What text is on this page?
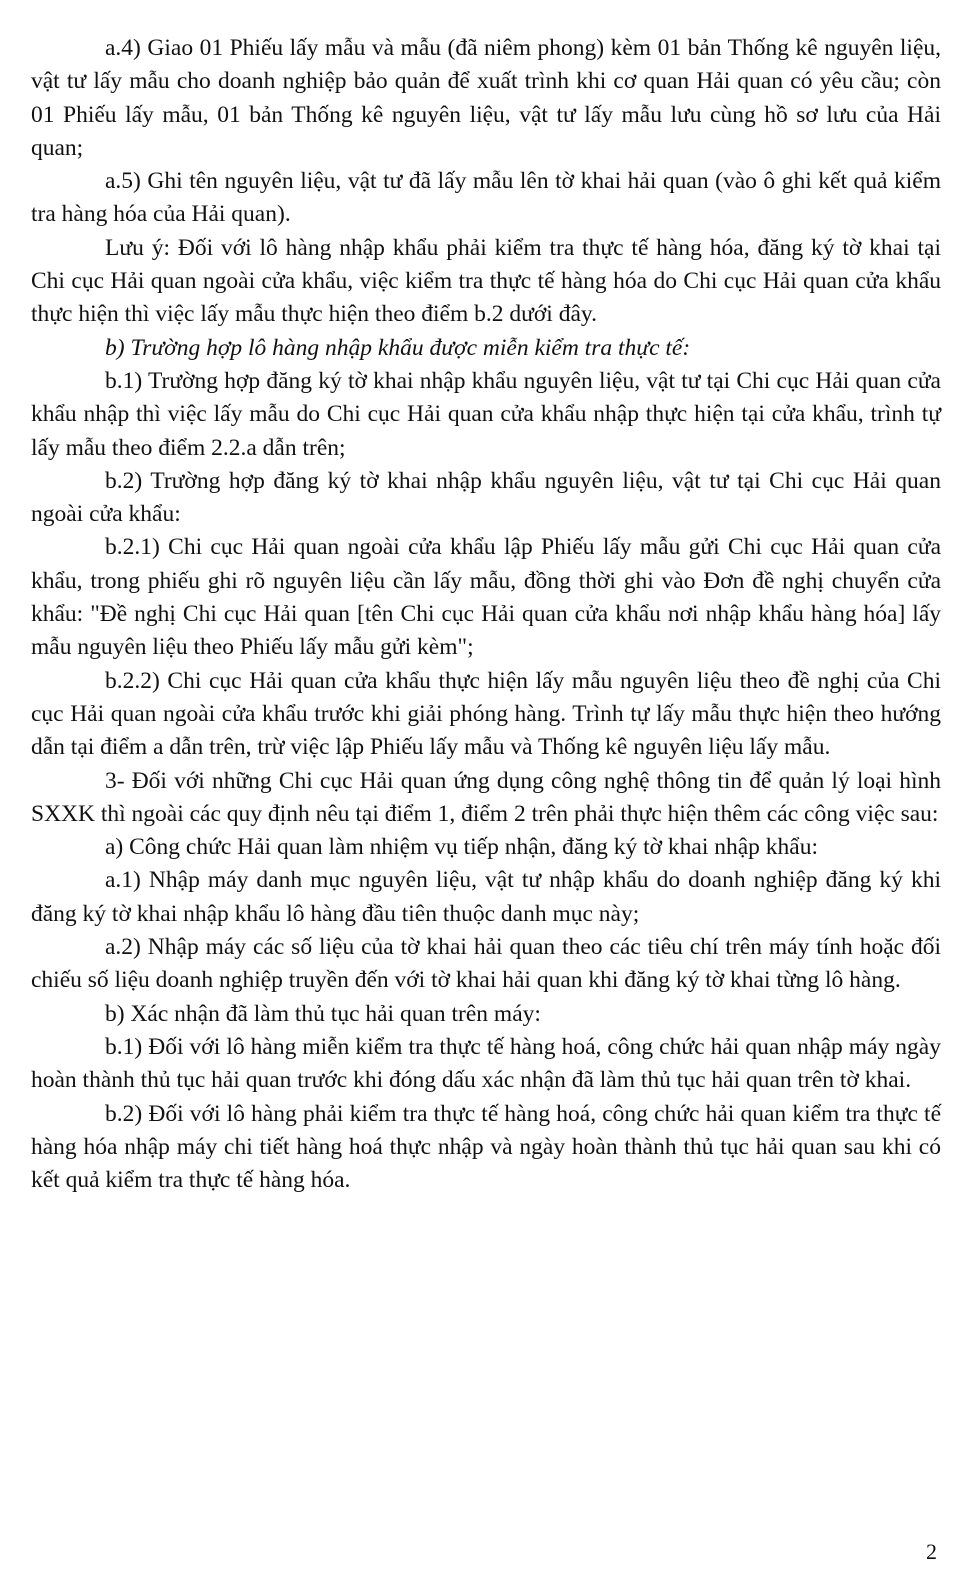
a.4) Giao 01 Phiếu lấy mẫu và mẫu (đã niêm phong) kèm 01 bản Thống kê nguyên liệu, vật tư lấy mẫu cho doanh nghiệp bảo quản để xuất trình khi cơ quan Hải quan có yêu cầu; còn 01 Phiếu lấy mẫu, 01 bản Thống kê nguyên liệu, vật tư lấy mẫu lưu cùng hồ sơ lưu của Hải quan;

a.5) Ghi tên nguyên liệu, vật tư đã lấy mẫu lên tờ khai hải quan (vào ô ghi kết quả kiểm tra hàng hóa của Hải quan).

Lưu ý: Đối với lô hàng nhập khẩu phải kiểm tra thực tế hàng hóa, đăng ký tờ khai tại Chi cục Hải quan ngoài cửa khẩu, việc kiểm tra thực tế hàng hóa do Chi cục Hải quan cửa khẩu thực hiện thì việc lấy mẫu thực hiện theo điểm b.2 dưới đây.

b) Trường hợp lô hàng nhập khẩu được miễn kiểm tra thực tế:

b.1) Trường hợp đăng ký tờ khai nhập khẩu nguyên liệu, vật tư tại Chi cục Hải quan cửa khẩu nhập thì việc lấy mẫu do Chi cục Hải quan cửa khẩu nhập thực hiện tại cửa khẩu, trình tự lấy mẫu theo điểm 2.2.a dẫn trên;

b.2) Trường hợp đăng ký tờ khai nhập khẩu nguyên liệu, vật tư tại Chi cục Hải quan ngoài cửa khẩu:

b.2.1) Chi cục Hải quan ngoài cửa khẩu lập Phiếu lấy mẫu gửi Chi cục Hải quan cửa khẩu, trong phiếu ghi rõ nguyên liệu cần lấy mẫu, đồng thời ghi vào Đơn đề nghị chuyển cửa khẩu: "Đề nghị Chi cục Hải quan [tên Chi cục Hải quan cửa khẩu nơi nhập khẩu hàng hóa] lấy mẫu nguyên liệu theo Phiếu lấy mẫu gửi kèm";

b.2.2) Chi cục Hải quan cửa khẩu thực hiện lấy mẫu nguyên liệu theo đề nghị của Chi cục Hải quan ngoài cửa khẩu trước khi giải phóng hàng. Trình tự lấy mẫu thực hiện theo hướng dẫn tại điểm a dẫn trên, trừ việc lập Phiếu lấy mẫu và Thống kê nguyên liệu lấy mẫu.

3- Đối với những Chi cục Hải quan ứng dụng công nghệ thông tin để quản lý loại hình SXXK thì ngoài các quy định nêu tại điểm 1, điểm 2 trên phải thực hiện thêm các công việc sau:

a) Công chức Hải quan làm nhiệm vụ tiếp nhận, đăng ký tờ khai nhập khẩu:

a.1) Nhập máy danh mục nguyên liệu, vật tư nhập khẩu do doanh nghiệp đăng ký khi đăng ký tờ khai nhập khẩu lô hàng đầu tiên thuộc danh mục này;

a.2) Nhập máy các số liệu của tờ khai hải quan theo các tiêu chí trên máy tính hoặc đối chiếu số liệu doanh nghiệp truyền đến với tờ khai hải quan khi đăng ký tờ khai từng lô hàng.

b) Xác nhận đã làm thủ tục hải quan trên máy:

b.1) Đối với lô hàng miễn kiểm tra thực tế hàng hoá, công chức hải quan nhập máy ngày hoàn thành thủ tục hải quan trước khi đóng dấu xác nhận đã làm thủ tục hải quan trên tờ khai.

b.2) Đối với lô hàng phải kiểm tra thực tế hàng hoá, công chức hải quan kiểm tra thực tế hàng hóa nhập máy chi tiết hàng hoá thực nhập và ngày hoàn thành thủ tục hải quan sau khi có kết quả kiểm tra thực tế hàng hóa.

2
